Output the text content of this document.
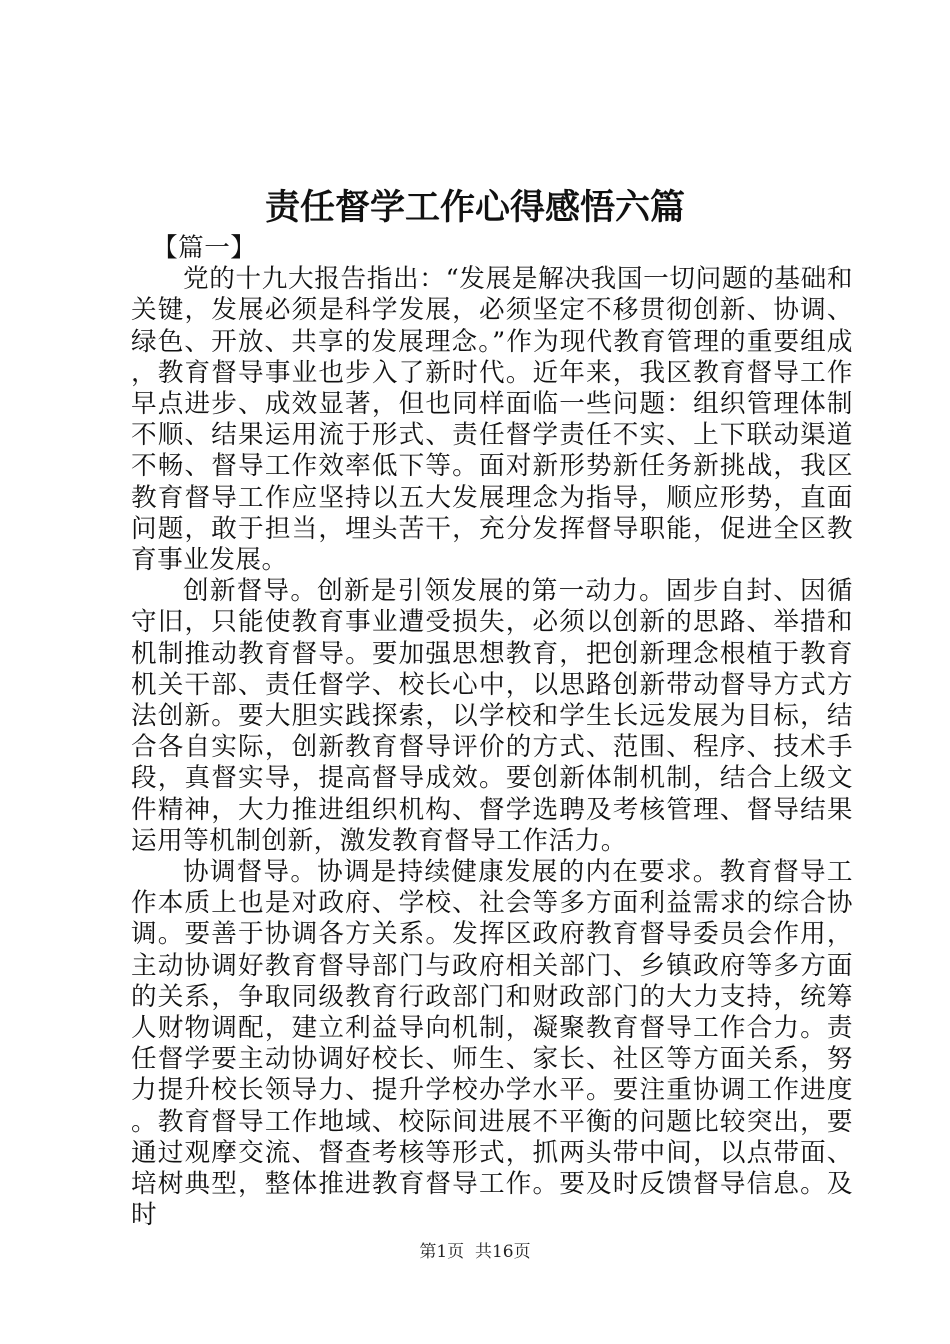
责任督学工作心得感悟六篇

【篇一】

党的十九大报告指出：“发展是解决我国一切问题的基础和关键，发展必须是科学发展，必须坚定不移贯彻创新、协调、绿色、开放、共享的发展理念。”作为现代教育管理的重要组成，教育督导事业也步入了新时代。近年来，我区教育督导工作早点进步、成效显著，但也同样面临一些问题：组织管理体制不顺、结果运用流于形式、责任督学责任不实、上下联动渠道不畅、督导工作效率低下等。面对新形势新任务新挑战，我区教育督导工作应坚持以五大发展理念为指导，顺应形势，直面问题，敢于担当，埋头苦干，充分发挥督导职能，促进全区教育事业发展。

创新督导。创新是引领发展的第一动力。固步自封、因循守旧，只能使教育事业遭受损失，必须以创新的思路、举措和机制推动教育督导。要加强思想教育，把创新理念根植于教育机关干部、责任督学、校长心中，以思路创新带动督导方式方法创新。要大胆实践探索，以学校和学生长远发展为目标，结合各自实际，创新教育督导评价的方式、范围、程序、技术手段，真督实导，提高督导成效。要创新体制机制，结合上级文件精神，大力推进组织机构、督学选聘及考核管理、督导结果运用等机制创新，激发教育督导工作活力。

协调督导。协调是持续健康发展的内在要求。教育督导工作本质上也是对政府、学校、社会等多方面利益需求的综合协调。要善于协调各方关系。发挥区政府教育督导委员会作用，主动协调好教育督导部门与政府相关部门、乡镇政府等多方面的关系，争取同级教育行政部门和财政部门的大力支持，统筹人财物调配，建立利益导向机制，凝聚教育督导工作合力。责任督学要主动协调好校长、师生、家长、社区等方面关系，努力提升校长领导力、提升学校办学水平。要注重协调工作进度。教育督导工作地域、校际间进展不平衡的问题比较突出，要通过观摩交流、督查考核等形式，抓两头带中间，以点带面、培树典型，整体推进教育督导工作。要及时反馈督导信息。及时

第1页  共16页
